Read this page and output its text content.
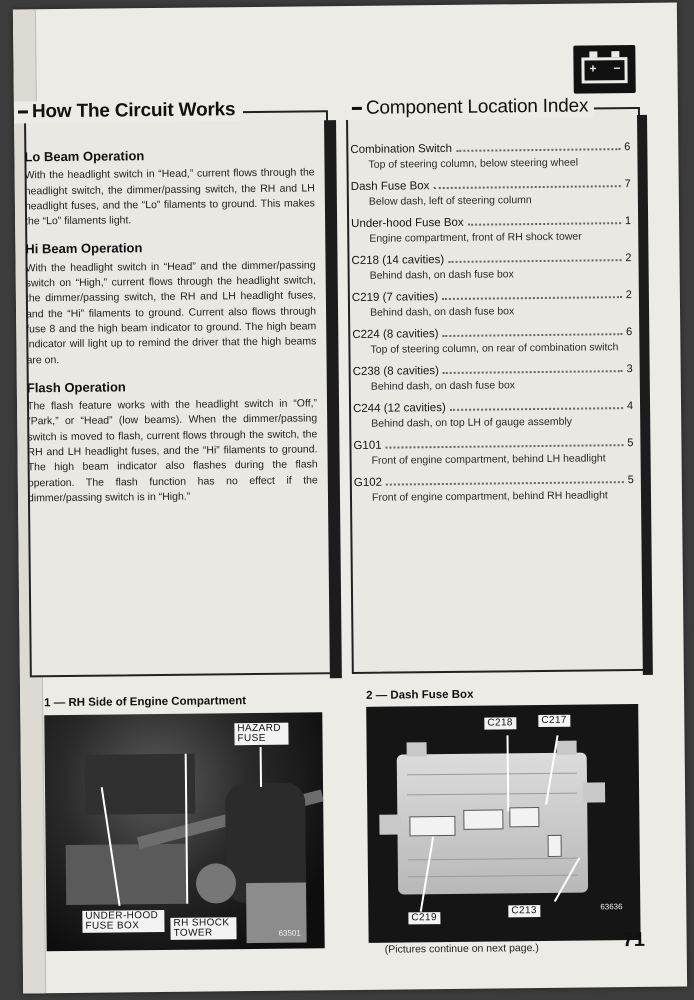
+ −
How The Circuit Works
Lo Beam Operation

With the headlight switch in “Head,” current flows through the headlight switch, the dimmer/passing switch, the RH and LH headlight fuses, and the “Lo” filaments to ground. This makes the “Lo” filaments light.

Hi Beam Operation

With the headlight switch in “Head” and the dimmer/passing switch on “High,” current flows through the headlight switch, the dimmer/passing switch, the RH and LH headlight fuses, and the “Hi” filaments to ground. Current also flows through fuse 8 and the high beam indicator to ground. The high beam indicator will light up to remind the driver that the high beams are on.

Flash Operation

The flash feature works with the headlight switch in “Off,” “Park,” or “Head” (low beams). When the dimmer/passing switch is moved to flash, current flows through the switch, the RH and LH headlight fuses, and the “Hi” filaments to ground. The high beam indicator also flashes during the flash operation. The flash function has no effect if the dimmer/passing switch is in “High.”

Component Location Index
Combination Switch	6
Top of steering column, below steering wheel
Dash Fuse Box	7
Below dash, left of steering column
Under-hood Fuse Box	1
Engine compartment, front of RH shock tower
C218 (14 cavities)	2
Behind dash, on dash fuse box
C219 (7 cavities)	2
Behind dash, on dash fuse box
C224 (8 cavities)	6
Top of steering column, on rear of combination switch
C238 (8 cavities)	3
Behind dash, on dash fuse box
C244 (12 cavities)	4
Behind dash, on top LH of gauge assembly
G101	5
Front of engine compartment, behind LH headlight
G102	5
Front of engine compartment, behind RH headlight
1 — RH Side of Engine Compartment
HAZARD FUSE
UNDER-HOOD FUSE BOX	RH SHOCK TOWER	63501
2 — Dash Fuse Box
C218	C217
C219
C213	63636
(Pictures continue on next page.)	71
